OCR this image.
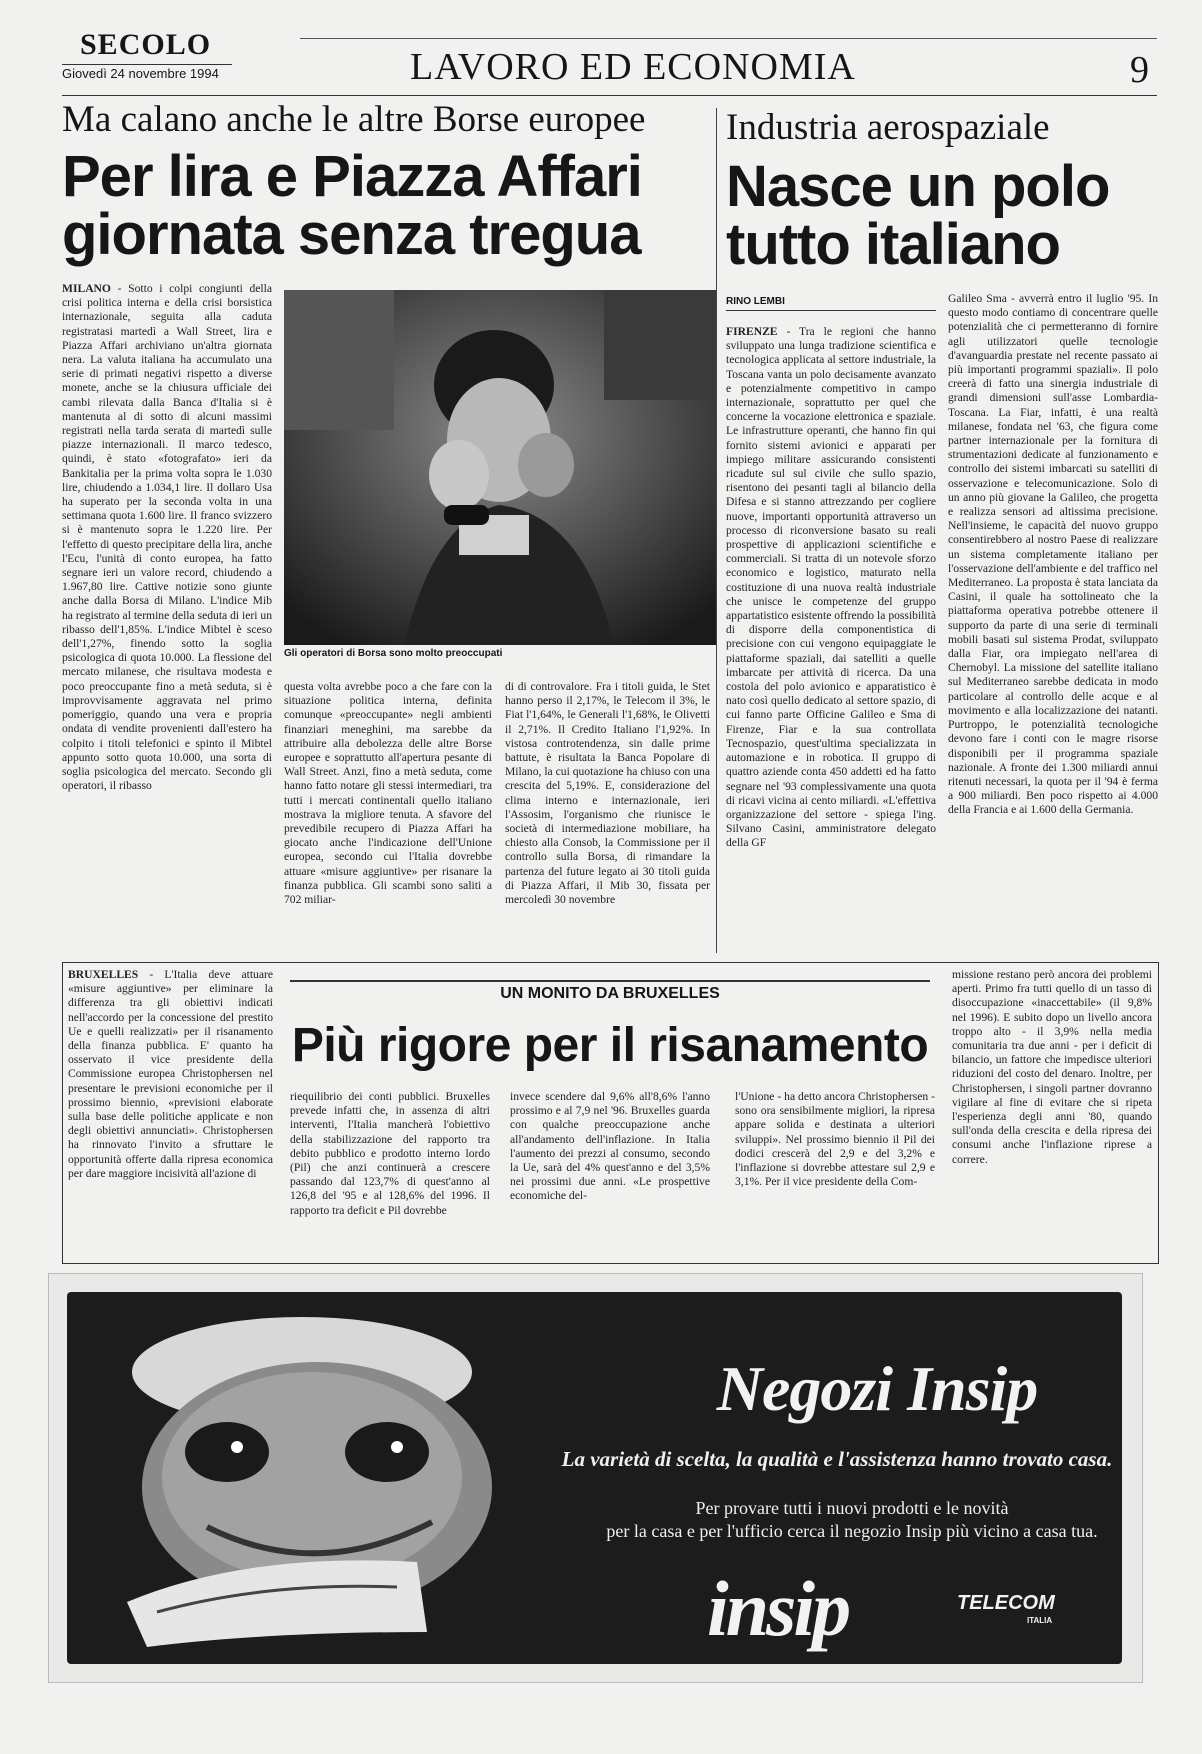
SECOLO
Giovedì 24 novembre 1994	LAVORO ED ECONOMIA	9
Ma calano anche le altre Borse europee
Per lira e Piazza Affari
giornata senza tregua
MILANO - Sotto i colpi congiunti della crisi politica interna e della crisi borsistica internazionale, seguita alla caduta registratasi martedì a Wall Street, lira e Piazza Affari archiviano un'altra giornata nera. La valuta italiana ha accumulato una serie di primati negativi rispetto a diverse monete, anche se la chiusura ufficiale dei cambi rilevata dalla Banca d'Italia si è mantenuta al di sotto di alcuni massimi registrati nella tarda serata di martedì sulle piazze internazionali. Il marco tedesco, quindi, è stato «fotografato» ieri da Bankitalia per la prima volta sopra le 1.030 lire, chiudendo a 1.034,1 lire. Il dollaro Usa ha superato per la seconda volta in una settimana quota 1.600 lire. Il franco svizzero si è mantenuto sopra le 1.220 lire. Per l'effetto di questo precipitare della lira, anche l'Ecu, l'unità di conto europea, ha fatto segnare ieri un valore record, chiudendo a 1.967,80 lire. Cattive notizie sono giunte anche dalla Borsa di Milano. L'indice Mib ha registrato al termine della seduta di ieri un ribasso dell'1,85%. L'indice Mibtel è sceso dell'1,27%, finendo sotto la soglia psicologica di quota 10.000. La flessione del mercato milanese, che risultava modesta e poco preoccupante fino a metà seduta, si è improvvisamente aggravata nel primo pomeriggio, quando una vera e propria ondata di vendite provenienti dall'estero ha colpito i titoli telefonici e spinto il Mibtel appunto sotto quota 10.000, una sorta di soglia psicologica del mercato. Secondo gli operatori, il ribasso
Gli operatori di Borsa sono molto preoccupati
questa volta avrebbe poco a che fare con la situazione politica interna, definita comunque «preoccupante» negli ambienti finanziari meneghini, ma sarebbe da attribuire alla debolezza delle altre Borse europee e soprattutto all'apertura pesante di Wall Street. Anzi, fino a metà seduta, come hanno fatto notare gli stessi intermediari, tra tutti i mercati continentali quello italiano mostrava la migliore tenuta. A sfavore del prevedibile recupero di Piazza Affari ha giocato anche l'indicazione dell'Unione europea, secondo cui l'Italia dovrebbe attuare «misure aggiuntive» per risanare la finanza pubblica. Gli scambi sono saliti a 702 miliar-
di di controvalore. Fra i titoli guida, le Stet hanno perso il 2,17%, le Telecom il 3%, le Fiat l'1,64%, le Generali l'1,68%, le Olivetti il 2,71%. Il Credito Italiano l'1,92%. In vistosa controtendenza, sin dalle prime battute, è risultata la Banca Popolare di Milano, la cui quotazione ha chiuso con una crescita del 5,19%. E, considerazione del clima interno e internazionale, ieri l'Assosim, l'organismo che riunisce le società di intermediazione mobiliare, ha chiesto alla Consob, la Commissione per il controllo sulla Borsa, di rimandare la partenza del future legato ai 30 titoli guida di Piazza Affari, il Mib 30, fissata per mercoledì 30 novembre
Industria aerospaziale
Nasce un polo
tutto italiano
RINO LEMBI
FIRENZE - Tra le regioni che hanno sviluppato una lunga tradizione scientifica e tecnologica applicata al settore industriale, la Toscana vanta un polo decisamente avanzato e potenzialmente competitivo in campo internazionale, soprattutto per quel che concerne la vocazione elettronica e spaziale. Le infrastrutture operanti, che hanno fin qui fornito sistemi avionici e apparati per impiego militare assicurando consistenti ricadute sul sul civile che sullo spazio, risentono dei pesanti tagli al bilancio della Difesa e si stanno attrezzando per cogliere nuove, importanti opportunità attraverso un processo di riconversione basato su reali prospettive di applicazioni scientifiche e commerciali. Si tratta di un notevole sforzo economico e logistico, maturato nella costituzione di una nuova realtà industriale che unisce le competenze del gruppo appartatistico esistente offrendo la possibilità di disporre della componentistica di precisione con cui vengono equipaggiate le piattaforme spaziali, dai satelliti a quelle imbarcate per attività di ricerca. Da una costola del polo avionico e apparatistico è nato così quello dedicato al settore spazio, di cui fanno parte Officine Galileo e Sma di Firenze, Fiar e la sua controllata Tecnospazio, quest'ultima specializzata in automazione e in robotica. Il gruppo di quattro aziende conta 450 addetti ed ha fatto segnare nel '93 complessivamente una quota di ricavi vicina ai cento miliardi. «L'effettiva organizzazione del settore - spiega l'ing. Silvano Casini, amministratore delegato della GF
Galileo Sma - avverrà entro il luglio '95. In questo modo contiamo di concentrare quelle potenzialità che ci permetteranno di fornire agli utilizzatori quelle tecnologie d'avanguardia prestate nel recente passato ai più importanti programmi spaziali». Il polo creerà di fatto una sinergia industriale di grandi dimensioni sull'asse Lombardia-Toscana. La Fiar, infatti, è una realtà milanese, fondata nel '63, che figura come partner internazionale per la fornitura di strumentazioni dedicate al funzionamento e controllo dei sistemi imbarcati su satelliti di osservazione e telecomunicazione. Solo di un anno più giovane la Galileo, che progetta e realizza sensori ad altissima precisione. Nell'insieme, le capacità del nuovo gruppo consentirebbero al nostro Paese di realizzare un sistema completamente italiano per l'osservazione dell'ambiente e del traffico nel Mediterraneo. La proposta è stata lanciata da Casini, il quale ha sottolineato che la piattaforma operativa potrebbe ottenere il supporto da parte di una serie di terminali mobili basati sul sistema Prodat, sviluppato dalla Fiar, ora impiegato nell'area di Chernobyl. La missione del satellite italiano sul Mediterraneo sarebbe dedicata in modo particolare al controllo delle acque e al movimento e alla localizzazione dei natanti. Purtroppo, le potenzialità tecnologiche devono fare i conti con le magre risorse disponibili per il programma spaziale nazionale. A fronte dei 1.300 miliardi annui ritenuti necessari, la quota per il '94 è ferma a 900 miliardi. Ben poco rispetto ai 4.000 della Francia e ai 1.600 della Germania.
UN MONITO DA BRUXELLES
Più rigore per il risanamento
BRUXELLES - L'Italia deve attuare «misure aggiuntive» per eliminare la differenza tra gli obiettivi indicati nell'accordo per la concessione del prestito Ue e quelli realizzati» per il risanamento della finanza pubblica. E' quanto ha osservato il vice presidente della Commissione europea Christophersen nel presentare le previsioni economiche per il prossimo biennio, «previsioni elaborate sulla base delle politiche applicate e non degli obiettivi annunciati». Christophersen ha rinnovato l'invito a sfruttare le opportunità offerte dalla ripresa economica per dare maggiore incisività all'azione di
riequilibrio dei conti pubblici. Bruxelles prevede infatti che, in assenza di altri interventi, l'Italia mancherà l'obiettivo della stabilizzazione del rapporto tra debito pubblico e prodotto interno lordo (Pil) che anzi continuerà a crescere passando dal 123,7% di quest'anno al 126,8 del '95 e al 128,6% del 1996. Il rapporto tra deficit e Pil dovrebbe
invece scendere dal 9,6% all'8,6% l'anno prossimo e al 7,9 nel '96. Bruxelles guarda con qualche preoccupazione anche all'andamento dell'inflazione. In Italia l'aumento dei prezzi al consumo, secondo la Ue, sarà del 4% quest'anno e del 3,5% nei prossimi due anni. «Le prospettive economiche del-
l'Unione - ha detto ancora Christophersen - sono ora sensibilmente migliori, la ripresa appare solida e destinata a ulteriori sviluppi». Nel prossimo biennio il Pil dei dodici crescerà del 2,9 e del 3,2% e l'inflazione si dovrebbe attestare sul 2,9 e 3,1%. Per il vice presidente della Com-
missione restano però ancora dei problemi aperti. Primo fra tutti quello di un tasso di disoccupazione «inaccettabile» (il 9,8% nel 1996). E subito dopo un livello ancora troppo alto - il 3,9% nella media comunitaria tra due anni - per i deficit di bilancio, un fattore che impedisce ulteriori riduzioni del costo del denaro. Inoltre, per Christophersen, i singoli partner dovranno vigilare al fine di evitare che si ripeta l'esperienza degli anni '80, quando sull'onda della crescita e della ripresa dei consumi anche l'inflazione riprese a correre.
Negozi Insip
La varietà di scelta, la qualità e l'assistenza hanno trovato casa.
Per provare tutti i nuovi prodotti e le novità
per la casa e per l'ufficio cerca il negozio Insip più vicino a casa tua.
insip	TELECOM
ITALIA
